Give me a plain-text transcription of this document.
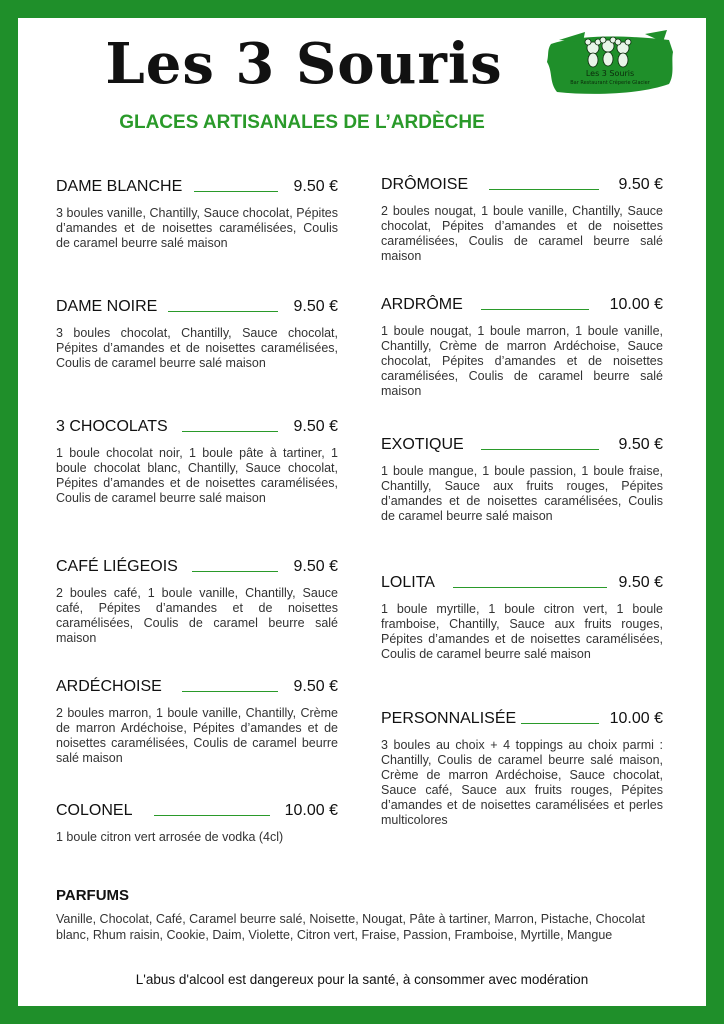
Les 3 Souris
GLACES ARTISANALES DE L’ARDÈCHE
Les 3 Souris
Bar Restaurant Crêperie Glacier
DAME BLANCHE	9.50 €
3 boules vanille, Chantilly, Sauce chocolat, Pépites d’amandes et de noisettes caramélisées, Coulis de caramel beurre salé maison
DAME NOIRE	9.50 €
3 boules chocolat, Chantilly, Sauce chocolat, Pépites d’amandes et de noisettes caramélisées, Coulis de caramel beurre salé maison
3 CHOCOLATS	9.50 €
1 boule chocolat noir, 1 boule pâte à tartiner, 1 boule chocolat blanc, Chantilly, Sauce chocolat, Pépites d’amandes et de noisettes caramélisées, Coulis de caramel beurre salé maison
CAFÉ LIÉGEOIS	9.50 €
2 boules café, 1 boule vanille, Chantilly, Sauce café, Pépites d’amandes et de noisettes caramélisées, Coulis de caramel beurre salé maison
ARDÉCHOISE	9.50 €
2 boules marron, 1 boule vanille, Chantilly, Crème de marron Ardéchoise, Pépites d’amandes et de noisettes caramélisées, Coulis de caramel beurre salé maison
COLONEL	10.00 €
1 boule citron vert arrosée de vodka (4cl)
DRÔMOISE	9.50 €
2 boules nougat, 1 boule vanille, Chantilly, Sauce chocolat, Pépites d’amandes et de noisettes caramélisées, Coulis de caramel beurre salé maison
ARDRÔME	10.00 €
1 boule nougat, 1 boule marron, 1 boule vanille, Chantilly, Crème de marron Ardéchoise, Sauce chocolat, Pépites d’amandes et de noisettes caramélisées, Coulis de caramel beurre salé maison
EXOTIQUE	9.50 €
1 boule mangue, 1 boule passion, 1 boule fraise, Chantilly, Sauce aux fruits rouges, Pépites d’amandes et de noisettes caramélisées, Coulis de caramel beurre salé maison
LOLITA	9.50 €
1 boule myrtille, 1 boule citron vert, 1 boule framboise, Chantilly, Sauce aux fruits rouges, Pépites d’amandes et de noisettes caramélisées, Coulis de caramel beurre salé maison
PERSONNALISÉE	10.00 €
3 boules au choix + 4 toppings au choix parmi : Chantilly, Coulis de caramel beurre salé maison, Crème de marron Ardéchoise, Sauce chocolat, Sauce café, Sauce aux fruits rouges, Pépites d’amandes et de noisettes caramélisées et perles multicolores
PARFUMS
Vanille, Chocolat, Café, Caramel beurre salé, Noisette, Nougat, Pâte à tartiner, Marron, Pistache, Chocolat blanc, Rhum raisin, Cookie, Daim, Violette, Citron vert, Fraise, Passion, Framboise, Myrtille, Mangue
L'abus d'alcool est dangereux pour la santé, à consommer avec modération
